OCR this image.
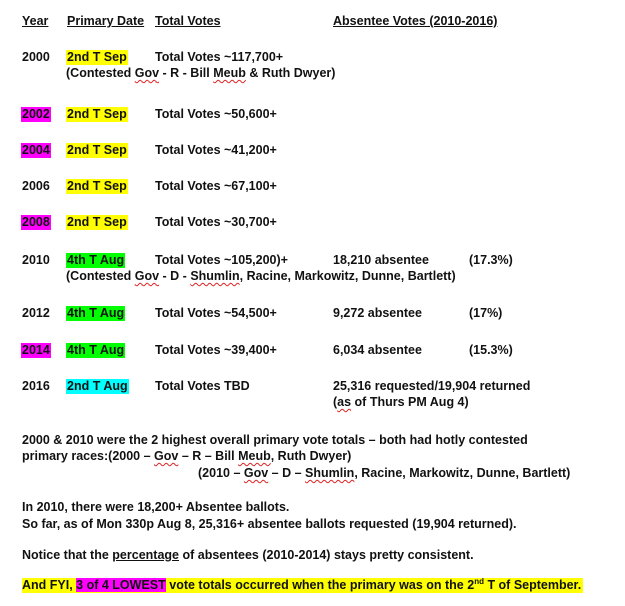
Year Primary Date Total Votes	Absentee Votes (2010-2016)
2000 2nd T Sep Total Votes ~117,700+
(Contested Gov - R - Bill Meub & Ruth Dwyer)
2002 2nd T Sep Total Votes ~50,600+
2004 2nd T Sep Total Votes ~41,200+
2006 2nd T Sep Total Votes ~67,100+
2008 2nd T Sep Total Votes ~30,700+
2010 4th T Aug Total Votes ~105,200)+	18,210 absentee	(17.3%)
(Contested Gov - D - Shumlin, Racine, Markowitz, Dunne, Bartlett)
2012 4th T Aug Total Votes ~54,500+	9,272 absentee	(17%)
2014 4th T Aug Total Votes ~39,400+	6,034 absentee	(15.3%)
2016 2nd T Aug Total Votes TBD	25,316 requested/19,904 returned
(as of Thurs PM Aug 4)
2000 & 2010 were the 2 highest overall primary vote totals – both had hotly contested
primary races:(2000 – Gov – R – Bill Meub, Ruth Dwyer)
(2010 – Gov – D – Shumlin, Racine, Markowitz, Dunne, Bartlett)
In 2010, there were 18,200+ Absentee ballots.
So far, as of Mon 330p Aug 8, 25,316+ absentee ballots requested (19,904 returned).
Notice that the percentage of absentees (2010-2014) stays pretty consistent.
And FYI, 3 of 4 LOWEST vote totals occurred when the primary was on the 2nd T of September.
